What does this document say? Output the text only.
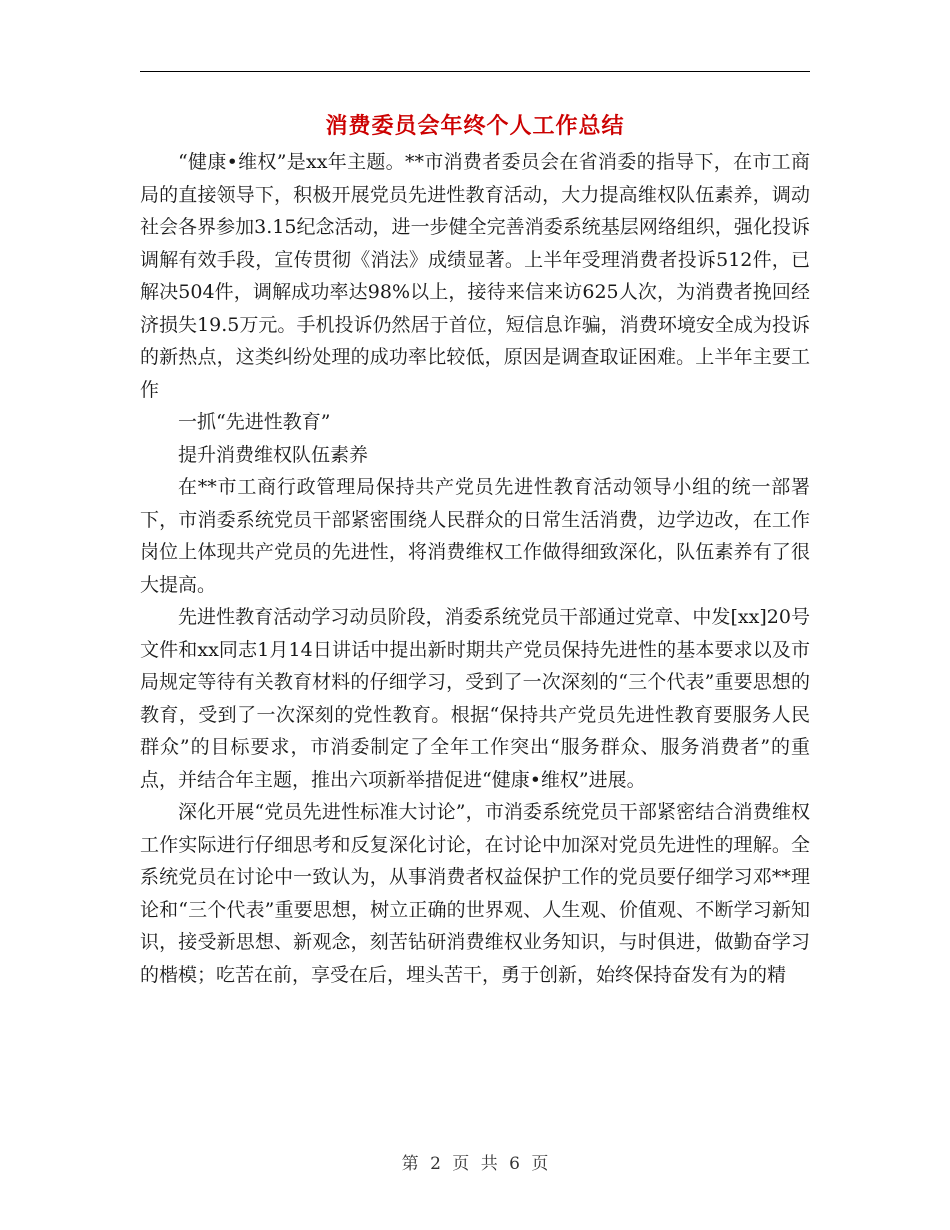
消费委员会年终个人工作总结

“健康•维权”是xx年主题。**市消费者委员会在省消委的指导下，在市工商局的直接领导下，积极开展党员先进性教育活动，大力提高维权队伍素养，调动社会各界参加3.15纪念活动，进一步健全完善消委系统基层网络组织，强化投诉调解有效手段，宣传贯彻《消法》成绩显著。上半年受理消费者投诉512件，已解决504件，调解成功率达98%以上，接待来信来访625人次，为消费者挽回经济损失19.5万元。手机投诉仍然居于首位，短信息诈骗，消费环境安全成为投诉的新热点，这类纠纷处理的成功率比较低，原因是调查取证困难。上半年主要工作

一抓“先进性教育”

提升消费维权队伍素养

在**市工商行政管理局保持共产党员先进性教育活动领导小组的统一部署下，市消委系统党员干部紧密围绕人民群众的日常生活消费，边学边改，在工作岗位上体现共产党员的先进性，将消费维权工作做得细致深化，队伍素养有了很大提高。

先进性教育活动学习动员阶段，消委系统党员干部通过党章、中发[xx]20号文件和xx同志1月14日讲话中提出新时期共产党员保持先进性的基本要求以及市局规定等待有关教育材料的仔细学习，受到了一次深刻的“三个代表”重要思想的教育，受到了一次深刻的党性教育。根据“保持共产党员先进性教育要服务人民群众”的目标要求，市消委制定了全年工作突出“服务群众、服务消费者”的重点，并结合年主题，推出六项新举措促进“健康•维权”进展。

深化开展“党员先进性标准大讨论”，市消委系统党员干部紧密结合消费维权工作实际进行仔细思考和反复深化讨论，在讨论中加深对党员先进性的理解。全系统党员在讨论中一致认为，从事消费者权益保护工作的党员要仔细学习邓**理论和“三个代表”重要思想，树立正确的世界观、人生观、价值观、不断学习新知识，接受新思想、新观念，刻苦钻研消费维权业务知识，与时俱进，做勤奋学习的楷模；吃苦在前，享受在后，埋头苦干，勇于创新，始终保持奋发有为的精

第 2 页 共 6 页
